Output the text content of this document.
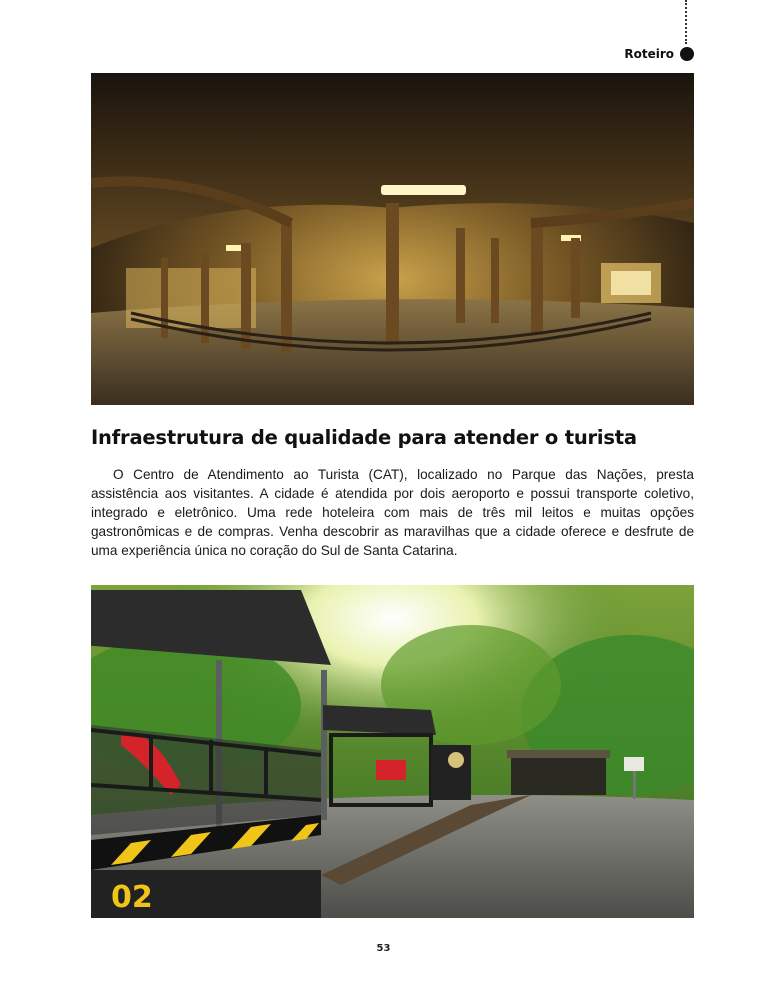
Roteiro
Infraestrutura de qualidade para atender o turista

O Centro de Atendimento ao Turista (CAT), localizado no Parque das Nações, presta assistência aos visitantes. A cidade é atendida por dois aeroporto e possui transporte coletivo, integrado e eletrônico. Uma rede hoteleira com mais de três mil leitos e muitas opções gastronômicas e de compras. Venha descobrir as maravilhas que a cidade oferece e desfrute de uma experiência única no coração do Sul de Santa Catarina.

02
53
